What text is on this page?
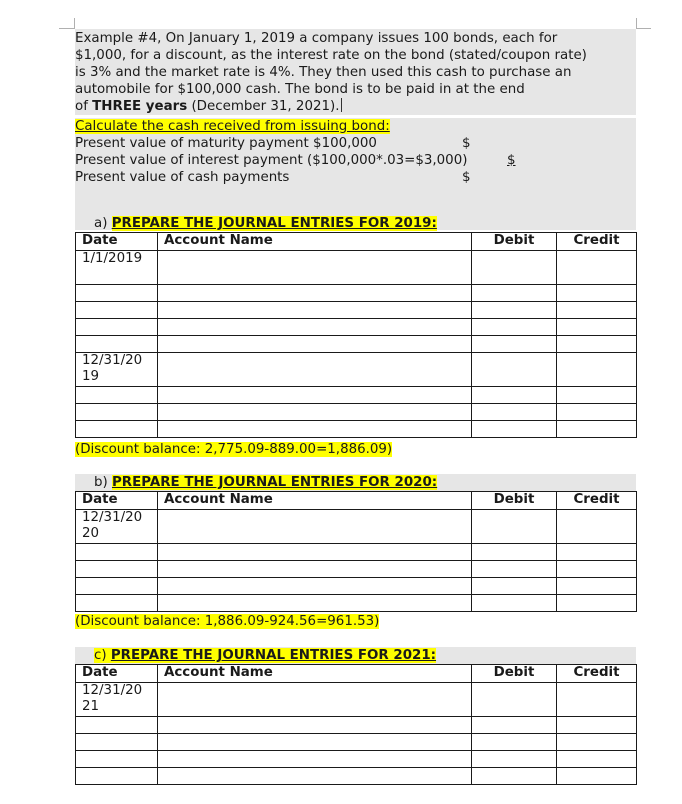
Example #4, On January 1, 2019 a company issues 100 bonds, each for

$1,000, for a discount, as the interest rate on the bond (stated/coupon rate)

is 3% and the market rate is 4%. They then used this cash to purchase an

automobile for $100,000 cash. The bond is to be paid in at the end

of THREE years (December 31, 2021).

Calculate the cash received from issuing bond:
Present value of maturity payment $100,000	$
Present value of interest payment ($100,000*.03=$3,000)	$
Present value of cash payments	$
a) PREPARE THE JOURNAL ENTRIES FOR 2019:
Date	Account Name	Debit	Credit
1/1/2019			

12/31/20
19			

(Discount balance: 2,775.09-889.00=1,886.09)
b) PREPARE THE JOURNAL ENTRIES FOR 2020:
Date	Account Name	Debit	Credit
12/31/20
20			

(Discount balance: 1,886.09-924.56=961.53)
c) PREPARE THE JOURNAL ENTRIES FOR 2021:
Date	Account Name	Debit	Credit
12/31/20
21			
